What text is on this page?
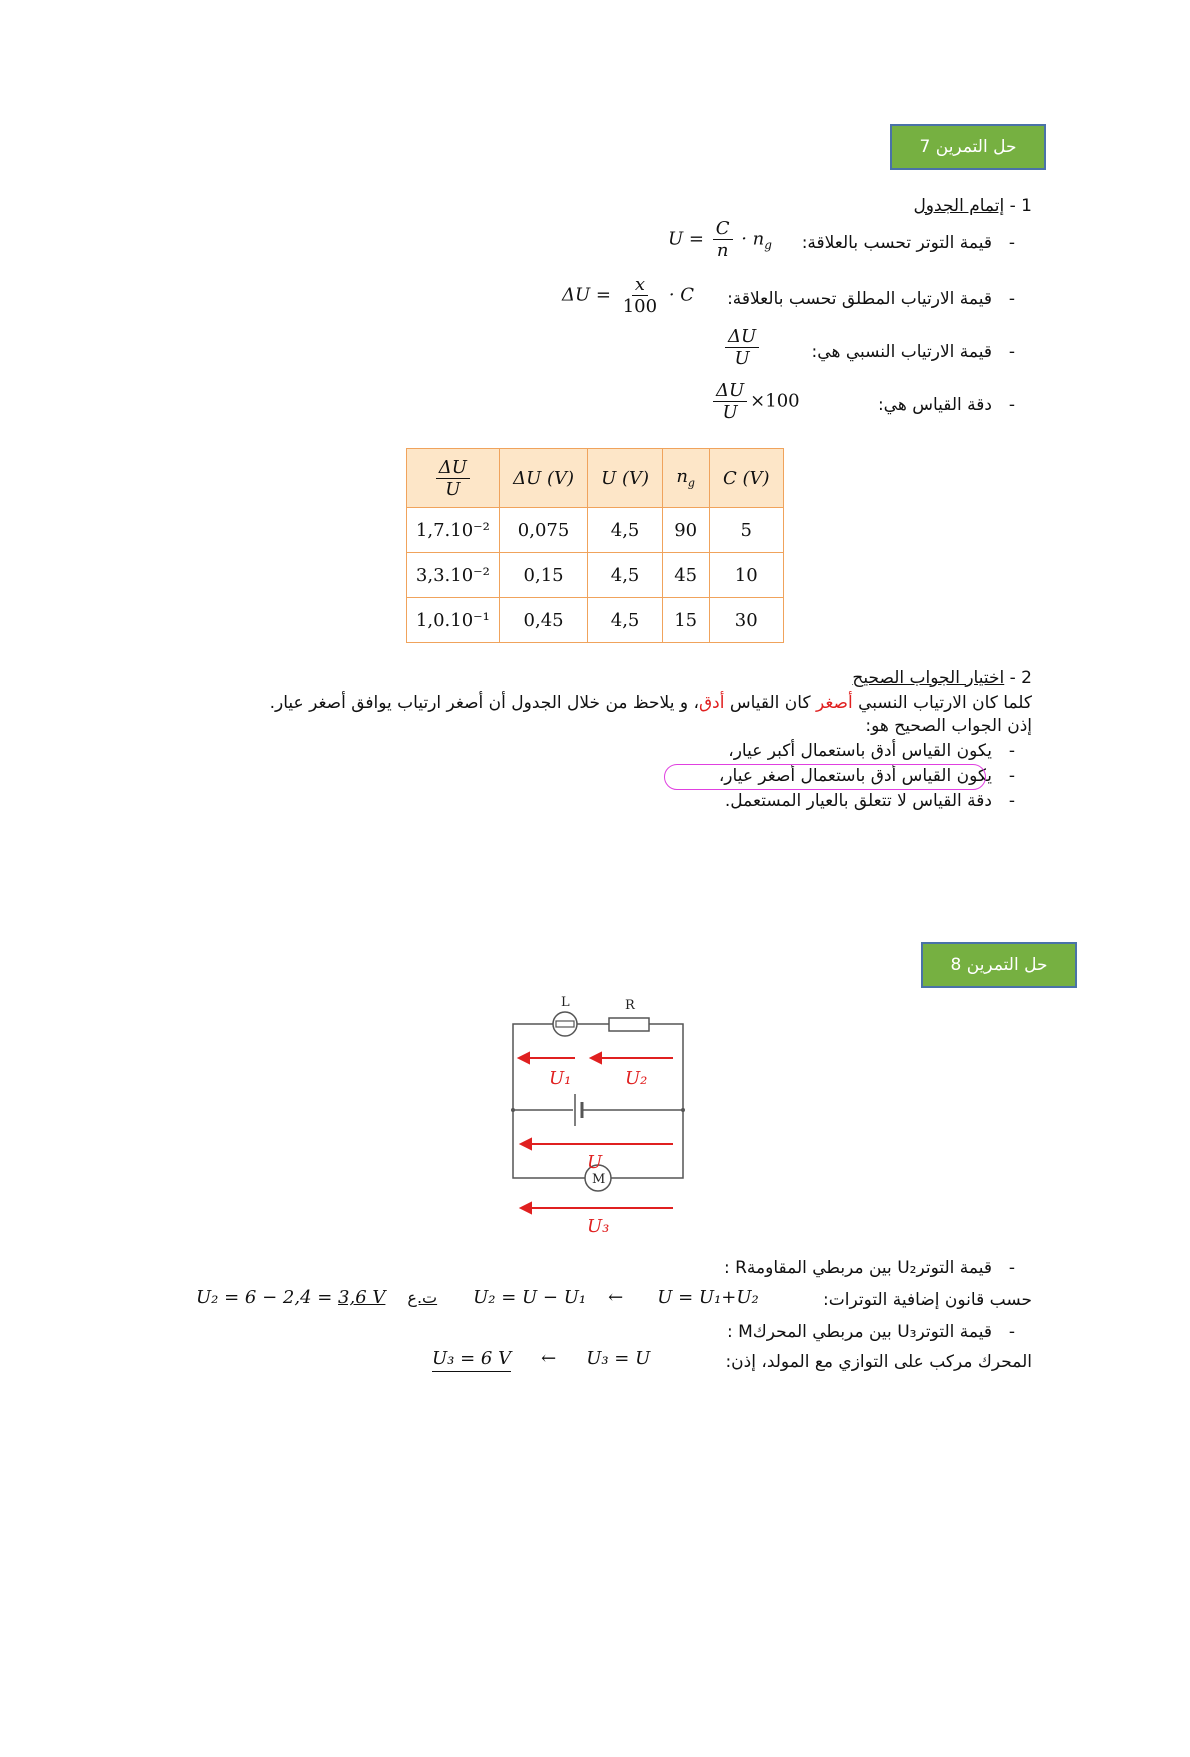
حل التمرين 7
1 - إتمام الجدول
-قيمة التوتر تحسب بالعلاقة:
$U = \frac{C}{n} \cdot n_g$
-قيمة الارتياب المطلق تحسب بالعلاقة:
$\Delta U = \frac{x}{100} \cdot C$
-قيمة الارتياب النسبي هي:
$\frac{\Delta U}{U}$
-دقة القياس هي:
$\frac{\Delta U}{U} \times 100$
$\frac{\Delta U}{U}$	ΔU (V)	U (V)	$n_g$	C (V)
1,7.10⁻²	0,075	4,5	90	5
3,3.10⁻²	0,15	4,5	45	10
1,0.10⁻¹	0,45	4,5	15	30
2 - اختيار الجواب الصحيح
كلما كان الارتياب النسبي أصغر كان القياس أدق، و يلاحظ من خلال الجدول أن أصغر ارتياب يوافق أصغر عيار.
إذن الجواب الصحيح هو:
-يكون القياس أدق باستعمال أكبر عيار،
-يكون القياس أدق باستعمال أصغر عيار،
-دقة القياس لا تتعلق بالعيار المستعمل.
حل التمرين 8
L	R
M
U₁	U₂
U
U₃
-قيمة التوترU₂ بين مربطي المقاومةR :
حسب قانون إضافية التوترات:
U₂ = 6 − 2,4 = 3,6 V ت.ع U₂ = U − U₁ ← U = U₁+U₂
-قيمة التوترU₃ بين مربطي المحركM :
المحرك مركب على التوازي مع المولد، إذن:
U₃ = 6 V ← U₃ = U
